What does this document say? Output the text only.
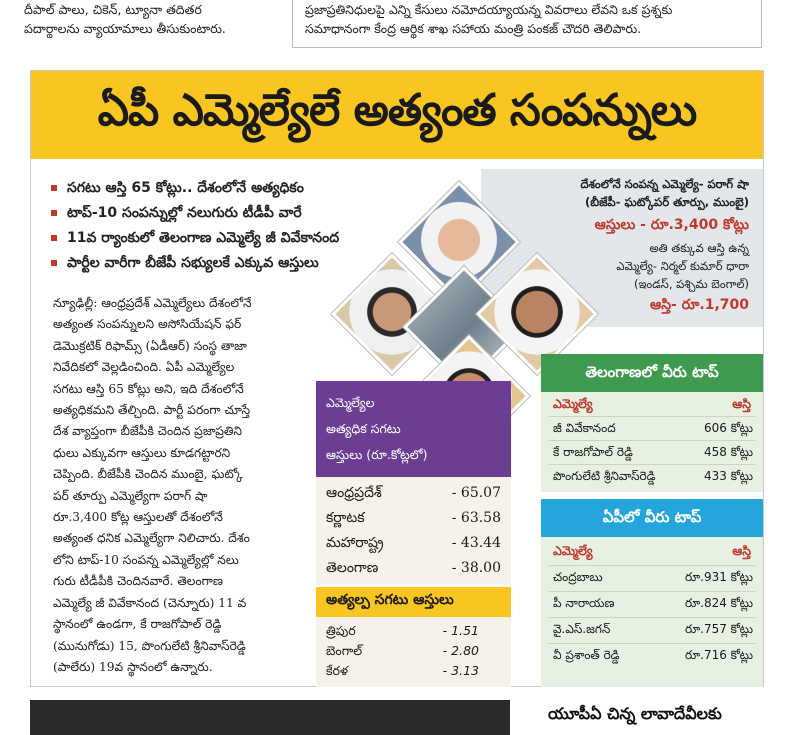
దీపాల్ పాలు, చికెన్, ట్యూనా తదితర
పదార్థాలను వ్యాయామాలు తీసుకుంటారు.
ప్రజాప్రతినిధులపై ఎన్ని కేసులు నమోదయ్యాయన్న వివరాలు లేవని ఒక ప్రశ్నకు
సమాధానంగా కేంద్ర ఆర్థిక శాఖ సహాయ మంత్రి పంకజ్ చౌదరి తెలిపారు.
ఏపీ ఎమ్మెల్యేలే అత్యంత సంపన్నులు
సగటు ఆస్తి 65 కోట్లు.. దేశంలోనే అత్యధికం
టాప్-10 సంపన్నుల్లో నలుగురు టీడీపీ వారే
11వ ర్యాంకులో తెలంగాణ ఎమ్మెల్యే జీ వివేకానంద
పార్టీల వారీగా బీజేపీ సభ్యులకే ఎక్కువ ఆస్తులు
న్యూఢిల్లీ: ఆంధ్రప్రదేశ్ ఎమ్మెల్యేలు దేశంలోనే
అత్యంత సంపన్నులని అసోసియేషన్ ఫర్
డెమొక్రటిక్ రిఫామ్స్ (ఏడీఆర్) సంస్థ తాజా
నివేదికలో వెల్లడించింది. ఏపీ ఎమ్మెల్యేల
సగటు ఆస్తి 65 కోట్లు అని, ఇది దేశంలోనే
అత్యధికమని తేల్చింది. పార్టీ పరంగా చూస్తే
దేశ వ్యాప్తంగా బీజేపీకి చెందిన ప్రజాప్రతిని
ధులు ఎక్కువగా ఆస్తులు కూడగట్టారని
చెప్పింది. బీజేపీకి చెందిన ముంబై, ఘట్కో
పర్ తూర్పు ఎమ్మెల్యేగా పరాగ్ షా
రూ.3,400 కోట్ల ఆస్తులతో దేశంలోనే
అత్యంత ధనిక ఎమ్మెల్యేగా నిలిచారు. దేశం
లోని టాప్-10 సంపన్న ఎమ్మెల్యేల్లో నలు
గురు టీడీపీకి చెందినవారే. తెలంగాణ
ఎమ్మెల్యే జీ వివేకానంద (చెన్నూరు) 11 వ
స్థానంలో ఉండగా, కే రాజగోపాల్ రెడ్డి
(మునుగోడు) 15, పొంగులేటి శ్రీనివాస్‌రెడ్డి
(పాలేరు) 19వ స్థానంలో ఉన్నారు.
దేశంలోనే సంపన్న ఎమ్మెల్యే- పరాగ్ షా
(బీజేపీ- ఘట్కోపర్ తూర్పు, ముంబై)
ఆస్తులు - రూ.3,400 కోట్లు
అతి తక్కువ ఆస్తి ఉన్న
ఎమ్మెల్యే- నిర్మల్ కుమార్ ధారా
(ఇండస్, పశ్చిమ బెంగాల్)
ఆస్తి- రూ.1,700
ఎమ్మెల్యేల
అత్యధిక సగటు
ఆస్తులు (రూ.కోట్లలో)
ఆంధ్రప్రదేశ్	- 65.07
కర్ణాటక	- 63.58
మహారాష్ట్ర	- 43.44
తెలంగాణ	- 38.00
అత్యల్ప సగటు ఆస్తులు
త్రిపుర	- 1.51
బెంగాల్	- 2.80
కేరళ	- 3.13
తెలంగాణలో వీరు టాప్
ఎమ్మెల్యే	ఆస్తి
జీ వివేకానంద	606 కోట్లు
కే రాజగోపాల్ రెడ్డి	458 కోట్లు
పొంగులేటి శ్రీనివాస్‌రెడ్డి	433 కోట్లు
ఏపీలో వీరు టాప్
ఎమ్మెల్యే	ఆస్తి
చంద్రబాబు	రూ.931 కోట్లు
పీ నారాయణ	రూ.824 కోట్లు
వై.ఎస్.జగన్	రూ.757 కోట్లు
వీ ప్రశాంత్ రెడ్డి	రూ.716 కోట్లు
యూపీఏ చిన్న లావాదేవీలకు
